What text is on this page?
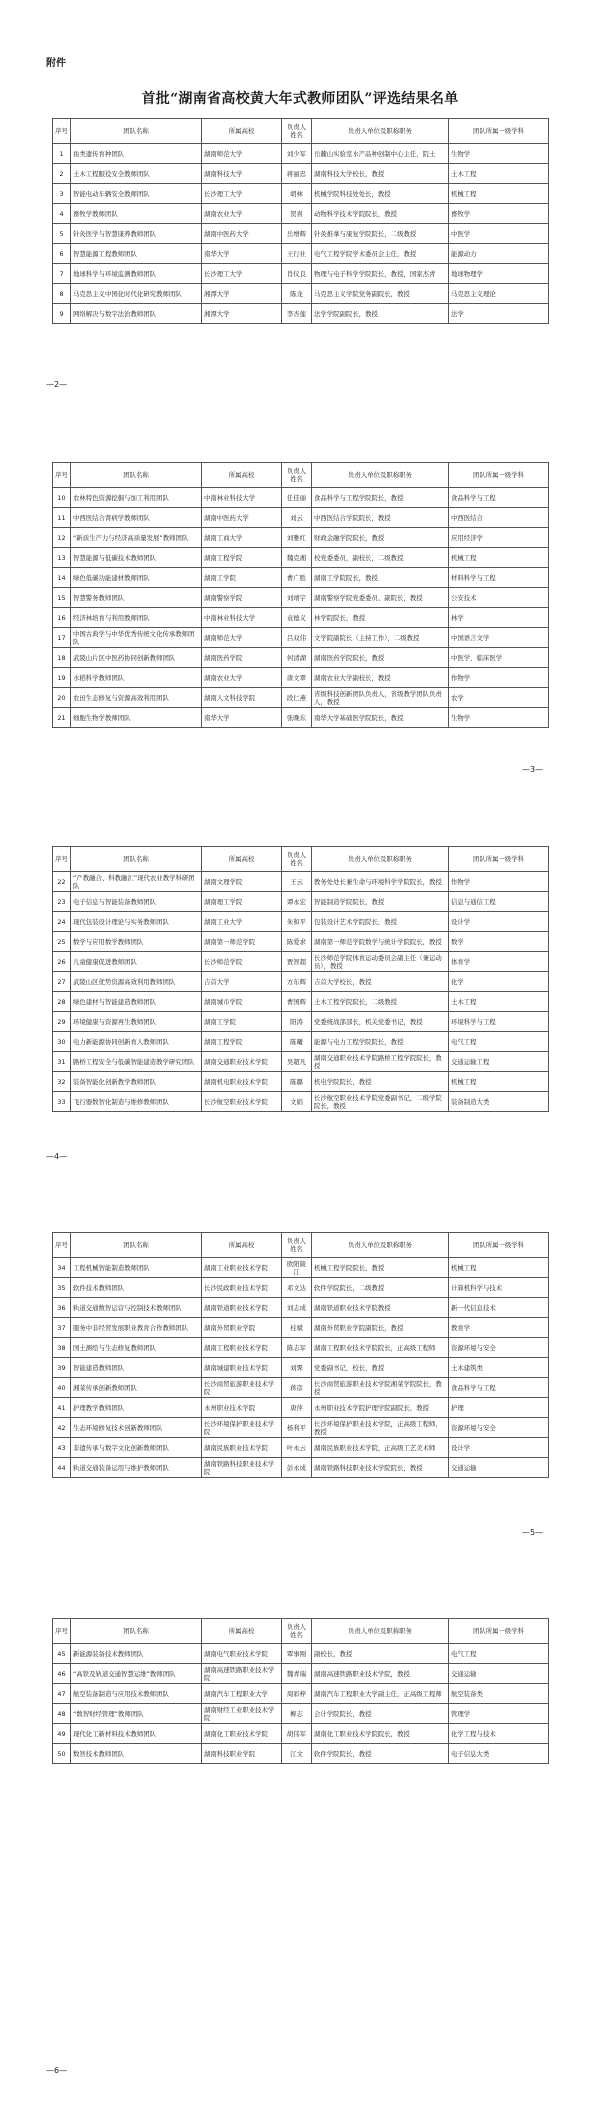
附件
首批“湖南省高校黄大年式教师团队”评选结果名单
序号	团队名称	所属高校	负责人姓名	负责人单位及职称职务	团队所属一级学科
1	鱼类遗传育种团队	湖南师范大学	刘少军	岳麓山实验室水产品种创制中心主任，院士	生物学
2	土木工程服役安全教师团队	湖南科技大学	蒋丽忠	湖南科技大学校长，教授	土木工程
3	智能电动车辆安全教师团队	长沙理工大学	胡林	机械学院科技处处长，教授	机械工程
4	畜牧学教师团队	湖南农业大学	贺喜	动物科学技术学院院长，教授	畜牧学
5	针灸医学与智慧康养教师团队	湖南中医药大学	岳增辉	针灸推拿与康复学院院长，二级教授	中医学
6	智慧能源工程教师团队	南华大学	王行社	电气工程学院学术委员会主任，教授	能源动力
7	地球科学与环境监测教师团队	长沙理工大学	肖仪良	物理与电子科学学院院长，教授，国家杰青	地球物理学
8	马克思主义中国化时代化研究教师团队	湘潭大学	陈龙	马克思主义学院党务副院长，教授	马克思主义理论
9	网络解决与数字法治教师团队	湘潭大学	李杏莲	法学学院副院长，教授	法学
序号	团队名称	所属高校	负责人姓名	负责人单位及职称职务	团队所属一级学科
10	农林特色资源挖掘与加工利用团队	中南林业科技大学	任佳丽	食品科学与工程学院院长，教授	食品科学与工程
11	中西医结合肾病学教师团队	湖南中医药大学	刘云	中西医结合学院院长，教授	中西医结合
12	“新质生产力与经济高质量发展”教师团队	湖南工商大学	刘雅红	财政金融学院院长，教授	应用经济学
13	智慧能源与低碳技术教师团队	湖南工程学院	魏克湘	校党委委员，副校长，二级教授	机械工程
14	绿色低碳功能建材教师团队	湖南工学院	曹广胜	湖南工学院院长，教授	材料科学与工程
15	智慧警务教师团队	湖南警察学院	刘靖宇	湖南警察学院党委委员、副院长，教授	公安技术
16	经济林培育与利用教师团队	中南林业科技大学	袁德义	林学院院长，教授	林学
17	中国古典学与中华优秀传统文化传承教师团队	湖南师范大学	吕双伟	文学院副院长（主持工作），二级教授	中国语言文学
18	武陵山片区中医药协同创新教师团队	湖南医药学院	何清湖	湖南医药学院院长，教授	中医学，临床医学
19	水稻科学教师团队	湖南农业大学	唐文翠	湖南农业大学副校长，教授	作物学
20	农田生态修复与资源高效利用团队	湖南人文科技学院	段仁燕	省级科技创新团队负责人，省级教学团队负责人，教授	农学
21	细胞生物学教师团队	南华大学	张晚东	南华大学基础医学院院长，教授	生物学
序号	团队名称	所属高校	负责人姓名	负责人单位及职称职务	团队所属一级学科
22	“产教融合、科教融汇”现代农业教学科研团队	湖南文理学院	王云	教务处处长兼生命与环境科学学院院长，教授	作物学
23	电子信息与智能装备教师团队	湖南理工学院	谭永宏	智能制造学院院长，教授	信息与通信工程
24	现代包装设计理论与实务教师团队	湖南工业大学	朱和平	包装设计艺术学院院长，教授	设计学
25	数学与应用数学教师团队	湖南第一师范学院	陈爱求	湖南第一师范学院数学与统计学院院长，教授	数学
26	儿童健康促进教师团队	长沙师范学院	贾智超	长沙师范学院体育运动委员会副主任（兼运动员），教授	体育学
27	武陵山区优势资源高效利用教师团队	吉首大学	方东辉	吉首大学校长，教授	化学
28	绿色建材与智能建造教师团队	湖南城市学院	曹国辉	土木工程学院院长，二级教授	土木工程
29	环境健康与资源再生教师团队	湖南工学院	阳涛	党委统战部部长，机关党委书记，教授	环境科学与工程
30	电力新能源协同创新育人教师团队	湖南工程学院	陈曦	能源与电力工程学院院长，教授	电气工程
31	路桥工程安全与低碳智能建造教学研究团队	湖南交通职业技术学院	吴超凡	湖南交通职业技术学院路桥工程学院院长，教授	交通运输工程
32	装备智能化创新教学教师团队	湖南机电职业技术学院	陈璐	机电学院院长，教授	机械工程
33	飞行器数智化制造与维修教师团队	长沙航空职业技术学院	文娟	长沙航空职业技术学院党委副书记，二级学院院长，教授	装备制造大类
序号	团队名称	所属高校	负责人姓名	负责人单位及职称职务	团队所属一级学科
34	工程机械智能制造教师团队	湖南工业职业技术学院	欧阳陇江	机械工程学院院长，教授	机械工程
35	软件技术教师团队	长沙民政职业技术学院	邓文达	软件学院院长，二级教授	计算机科学与技术
36	轨道交通数智运营与控制技术教师团队	湖南铁道职业技术学院	刘志成	湖南铁道职业技术学院教授	新一代信息技术
37	服务中非经贸发展职业教育合作教师团队	湖南外贸职业学院	桂斌	湖南外贸职业学院副院长，教授	教育学
38	国土测绘与生态修复教师团队	湖南工程职业技术学院	陈志军	湖南工程职业技术学院院长，正高级工程师	资源环境与安全
39	智能建造教师团队	湖南城建职业技术学院	刘霁	党委副书记，校长，教授	土木建筑类
40	湘菜传承创新教师团队	长沙商贸旅游职业技术学院	蒋彦	长沙商贸旅游职业技术学院湘菜学院院长，教授	食品科学与工程
41	护理教学教师团队	永州职业技术学院	唐萍	永州职业技术学院护理学院副院长，教授	护理
42	生态环境修复技术创新教师团队	长沙环境保护职业技术学院	杨利平	长沙环境保护职业技术学院，正高级工程师，教授	资源环境与安全
43	非遗传承与数字文化创新教师团队	湖南民族职业技术学院	叶永云	湖南民族职业技术学院，正高级工艺美术师	设计学
44	轨道交通装备运用与维护教师团队	湖南铁路科技职业技术学院	彭永成	湖南铁路科技职业技术学院院长，教授	交通运输
序号	团队名称	所属高校	负责人姓名	负责人单位及职称职务	团队所属一级学科
45	新能源装备技术教师团队	湖南电气职业技术学院	覃事刚	副校长，教授	电气工程
46	“高铁及轨道交通智慧运维”教师团队	湖南高速铁路职业技术学院	魏青瑞	湖南高速铁路职业技术学院，教授	交通运输
47	航空装备制造与应用技术教师团队	湖南汽车工程职业大学	周彩梓	湖南汽车工程职业大学副主任，正高级工程师	航空装备类
48	“数智财经管理”教师团队	湖南财经工业职业技术学院	柳志	会计学院院长，教授	管理学
49	现代化工新材料技术教师团队	湖南化工职业技术学院	胡伟军	湖南化工职业技术学院院长，教授	化学工程与技术
50	数智技术教师团队	湖南科技职业学院	江文	软件学院院长，教授	电子信息大类
—2—
—3—
—4—
—5—
—6—
